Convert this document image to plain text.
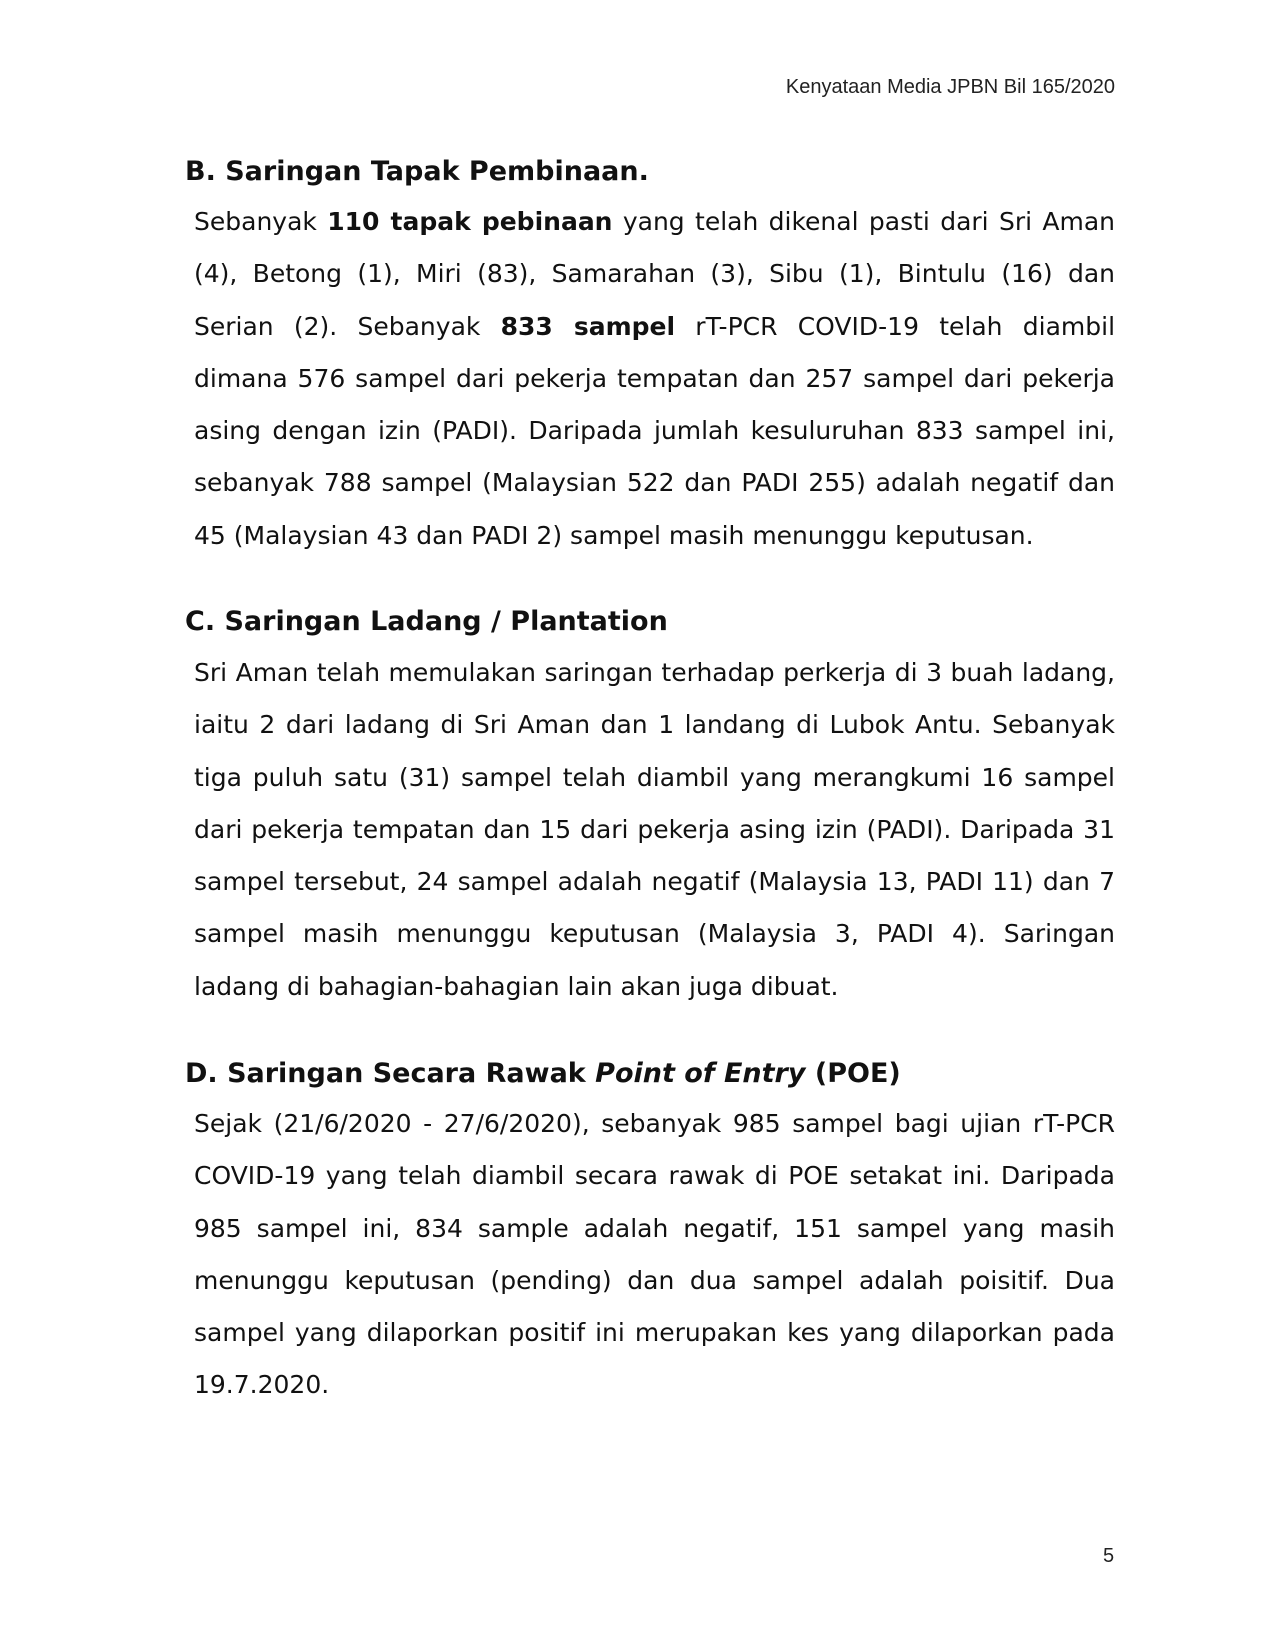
Kenyataan Media JPBN Bil 165/2020
B. Saringan Tapak Pembinaan.

Sebanyak 110 tapak pebinaan yang telah dikenal pasti dari Sri Aman (4), Betong (1), Miri (83), Samarahan (3), Sibu (1), Bintulu (16) dan Serian (2). Sebanyak 833 sampel rT-PCR COVID-19 telah diambil dimana 576 sampel dari pekerja tempatan dan 257 sampel dari pekerja asing dengan izin (PADI). Daripada jumlah kesuluruhan 833 sampel ini, sebanyak 788 sampel (Malaysian 522 dan PADI 255) adalah negatif dan 45 (Malaysian 43 dan PADI 2) sampel masih menunggu keputusan.

C. Saringan Ladang / Plantation

Sri Aman telah memulakan saringan terhadap perkerja di 3 buah ladang, iaitu 2 dari ladang di Sri Aman dan 1 landang di Lubok Antu. Sebanyak tiga puluh satu (31) sampel telah diambil yang merangkumi 16 sampel dari pekerja tempatan dan 15 dari pekerja asing izin (PADI). Daripada 31 sampel tersebut, 24 sampel adalah negatif (Malaysia 13, PADI 11) dan 7 sampel masih menunggu keputusan (Malaysia 3, PADI 4). Saringan ladang di bahagian-bahagian lain akan juga dibuat.

D. Saringan Secara Rawak Point of Entry (POE)

Sejak (21/6/2020 - 27/6/2020), sebanyak 985 sampel bagi ujian rT-PCR COVID-19 yang telah diambil secara rawak di POE setakat ini. Daripada 985 sampel ini, 834 sample adalah negatif, 151 sampel yang masih menunggu keputusan (pending) dan dua sampel adalah poisitif. Dua sampel yang dilaporkan positif ini merupakan kes yang dilaporkan pada 19.7.2020.

5
